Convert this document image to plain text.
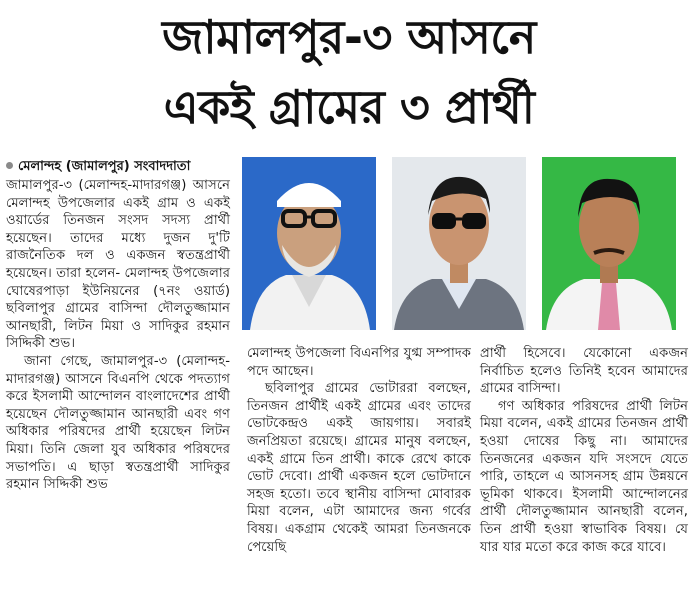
জামালপুর-৩ আসনে
একই গ্রামের ৩ প্রার্থী
মেলান্দহ (জামালপুর) সংবাদদাতা

জামালপুর-৩ (মেলান্দহ-মাদারগঞ্জ) আসনে মেলান্দহ উপজেলার একই গ্রাম ও একই ওয়ার্ডের তিনজন সংসদ সদস্য প্রার্থী হয়েছেন। তাদের মধ্যে দুজন দু'টি রাজনৈতিক দল ও একজন স্বতন্ত্রপ্রার্থী হয়েছেন। তারা হলেন- মেলান্দহ উপজেলার ঘোষেরপাড়া ইউনিয়নের (৭নং ওয়ার্ড) ছবিলাপুর গ্রামের বাসিন্দা দৌলতুজ্জামান আনছারী, লিটন মিয়া ও সাদিকুর রহমান সিদ্দিকী শুভ।

জানা গেছে, জামালপুর-৩ (মেলান্দহ-মাদারগঞ্জ) আসনে বিএনপি থেকে পদত্যাগ করে ইসলামী আন্দোলন বাংলাদেশের প্রার্থী হয়েছেন দৌলতুজ্জামান আনছারী এবং গণ অধিকার পরিষদের প্রার্থী হয়েছেন লিটন মিয়া। তিনি জেলা যুব অধিকার পরিষদের সভাপতি। এ ছাড়া স্বতন্ত্রপ্রার্থী সাদিকুর রহমান সিদ্দিকী শুভ

মেলান্দহ উপজেলা বিএনপির যুগ্ম সম্পাদক পদে আছেন।

ছবিলাপুর গ্রামের ভোটাররা বলছেন, তিনজন প্রার্থীই একই গ্রামের এবং তাদের ভোটকেন্দ্রও একই জায়গায়। সবারই জনপ্রিয়তা রয়েছে। গ্রামের মানুষ বলছেন, একই গ্রামে তিন প্রার্থী। কাকে রেখে কাকে ভোট দেবো। প্রার্থী একজন হলে ভোটদানে সহজ হতো। তবে স্থানীয় বাসিন্দা মোবারক মিয়া বলেন, এটা আমাদের জন্য গর্বের বিষয়। একগ্রাম থেকেই আমরা তিনজনকে পেয়েছি

প্রার্থী হিসেবে। যেকোনো একজন নির্বাচিত হলেও তিনিই হবেন আমাদের গ্রামের বাসিন্দা।

গণ অধিকার পরিষদের প্রার্থী লিটন মিয়া বলেন, একই গ্রামের তিনজন প্রার্থী হওয়া দোষের কিছু না। আমাদের তিনজনের একজন যদি সংসদে যেতে পারি, তাহলে এ আসনসহ গ্রাম উন্নয়নে ভূমিকা থাকবে। ইসলামী আন্দোলনের প্রার্থী দৌলতুজ্জামান আনছারী বলেন, তিন প্রার্থী হওয়া স্বাভাবিক বিষয়। যে যার যার মতো করে কাজ করে যাবে।
